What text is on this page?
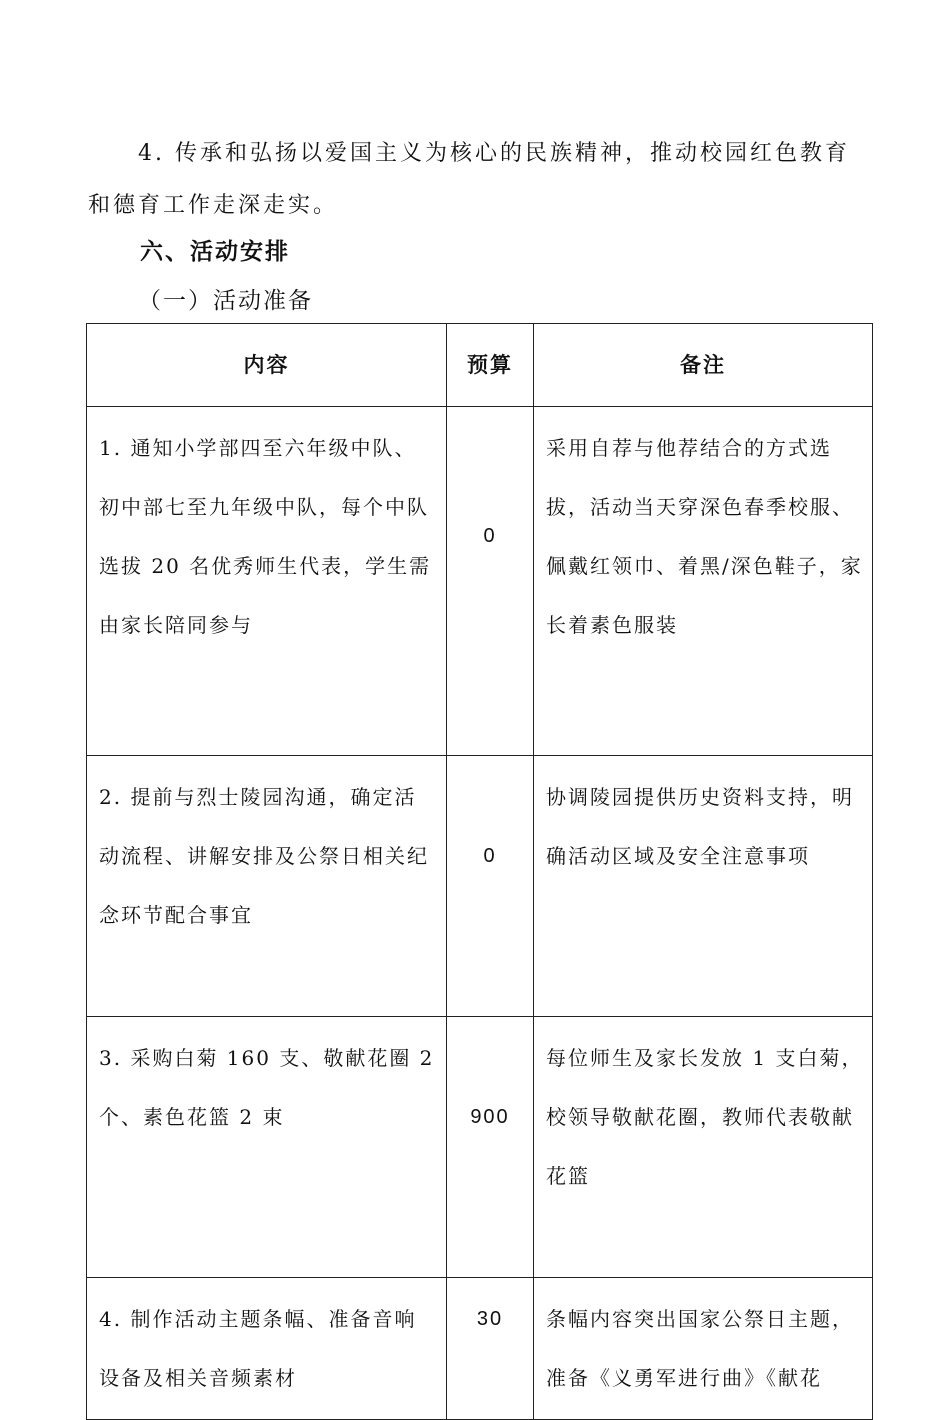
4. 传承和弘扬以爱国主义为核心的民族精神，推动校园红色教育和德育工作走深走实。

六、活动安排
（一）活动准备
内容	预算	备注
1. 通知小学部四至六年级中队、初中部七至九年级中队，每个中队选拔 20 名优秀师生代表，学生需由家长陪同参与	0	采用自荐与他荐结合的方式选拔，活动当天穿深色春季校服、佩戴红领巾、着黑/深色鞋子，家长着素色服装
2. 提前与烈士陵园沟通，确定活动流程、讲解安排及公祭日相关纪念环节配合事宜	0	协调陵园提供历史资料支持，明确活动区域及安全注意事项
3. 采购白菊 160 支、敬献花圈 2 个、素色花篮 2 束	900	每位师生及家长发放 1 支白菊，校领导敬献花圈，教师代表敬献花篮
4. 制作活动主题条幅、准备音响设备及相关音频素材	30	条幅内容突出国家公祭日主题，准备《义勇军进行曲》《献花
